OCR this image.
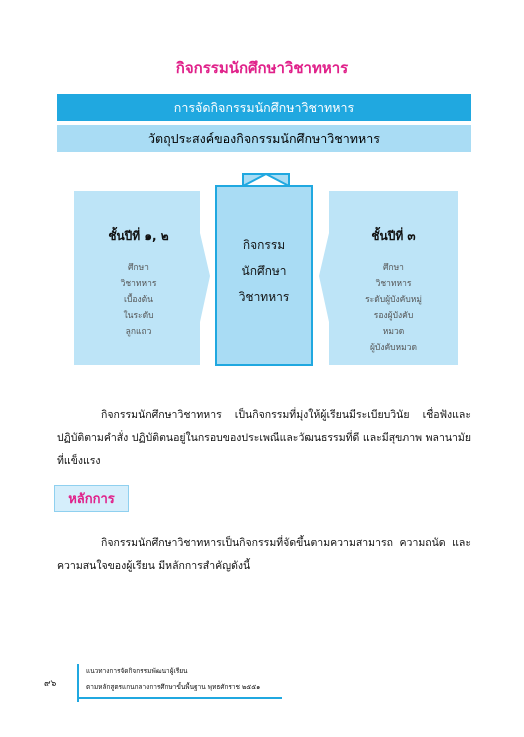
กิจกรรมนักศึกษาวิชาทหาร
การจัดกิจกรรมนักศึกษาวิชาทหาร
วัตถุประสงค์ของกิจกรรมนักศึกษาวิชาทหาร
ชั้นปีที่ ๑, ๒
ศึกษา
วิชาทหาร
เบื้องต้น
ในระดับ
ลูกแถว
กิจกรรม
นักศึกษา
วิชาทหาร
ชั้นปีที่ ๓
ศึกษา
วิชาทหาร
ระดับผู้บังคับหมู่
รองผู้บังคับ
หมวด
ผู้บังคับหมวด
กิจกรรมนักศึกษาวิชาทหาร เป็นกิจกรรมที่มุ่งให้ผู้เรียนมีระเบียบวินัย เชื่อฟังและปฏิบัติตามคำสั่ง ปฏิบัติตนอยู่ในกรอบของประเพณีและวัฒนธรรมที่ดี และมีสุขภาพ พลานามัยที่แข็งแรง
หลักการ
กิจกรรมนักศึกษาวิชาทหารเป็นกิจกรรมที่จัดขึ้นตามความสามารถ ความถนัด และความสนใจของผู้เรียน มีหลักการสำคัญดังนี้
๙๖
แนวทางการจัดกิจกรรมพัฒนาผู้เรียน
ตามหลักสูตรแกนกลางการศึกษาขั้นพื้นฐาน พุทธศักราช ๒๕๕๑
